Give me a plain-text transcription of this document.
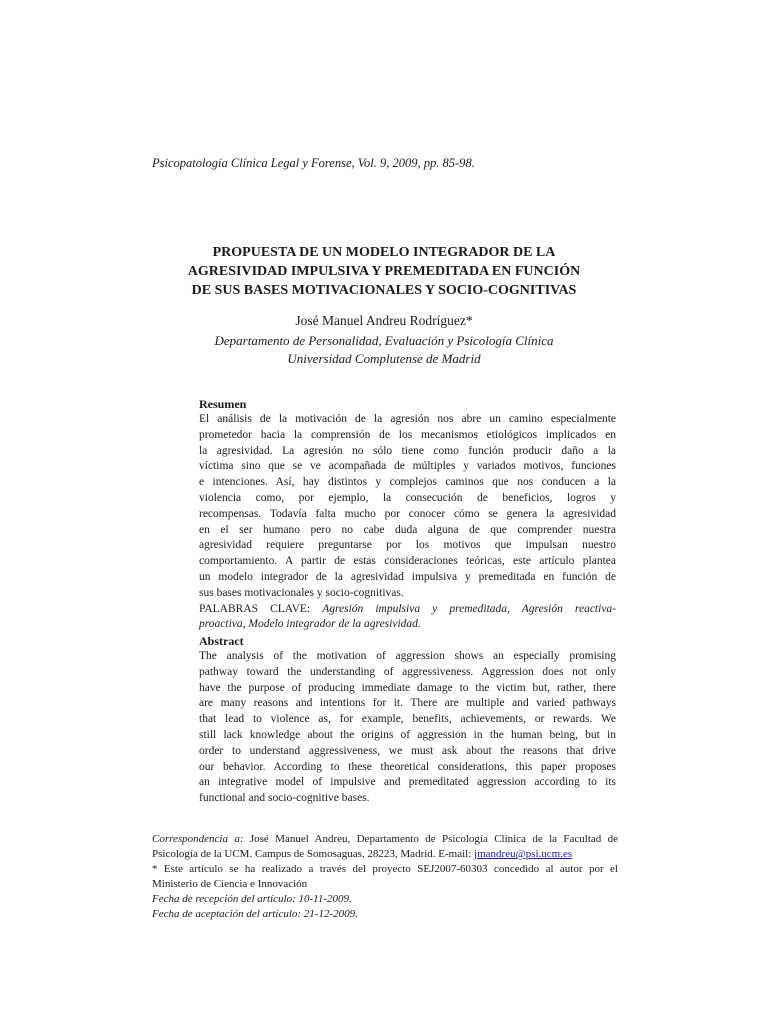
Psicopatología Clínica Legal y Forense, Vol. 9, 2009, pp. 85-98.
PROPUESTA DE UN MODELO INTEGRADOR DE LA
AGRESIVIDAD IMPULSIVA Y PREMEDITADA EN FUNCIÓN
DE SUS BASES MOTIVACIONALES Y SOCIO-COGNITIVAS
José Manuel Andreu Rodríguez*
Departamento de Personalidad, Evaluación y Psicología Clínica
Universidad Complutense de Madrid
Resumen
El análisis de la motivación de la agresión nos abre un camino especialmente
prometedor hacia la comprensión de los mecanismos etiológicos implicados en
la agresividad. La agresión no sólo tiene como función producir daño a la
víctima sino que se ve acompañada de múltiples y variados motivos, funciones
e intenciones. Así, hay distintos y complejos caminos que nos conducen a la
violencia como, por ejemplo, la consecución de beneficios, logros y
recompensas. Todavía falta mucho por conocer cómo se genera la agresividad
en el ser humano pero no cabe duda alguna de que comprender nuestra
agresividad requiere preguntarse por los motivos que impulsan nuestro
comportamiento. A partir de estas consideraciones teóricas, este artículo plantea
un modelo integrador de la agresividad impulsiva y premeditada en función de
sus bases motivacionales y socio-cognitivas.
PALABRAS CLAVE: Agresión impulsiva y premeditada, Agresión reactiva-
proactiva, Modelo integrador de la agresividad.
Abstract
The analysis of the motivation of aggression shows an especially promising
pathway toward the understanding of aggressiveness. Aggression does not only
have the purpose of producing immediate damage to the victim but, rather, there
are many reasons and intentions for it. There are multiple and varied pathways
that lead to violence as, for example, benefits, achievements, or rewards. We
still lack knowledge about the origins of aggression in the human being, but in
order to understand aggressiveness, we must ask about the reasons that drive
our behavior. According to these theoretical considerations, this paper proposes
an integrative model of impulsive and premeditated aggression according to its
functional and socio-cognitive bases.
Correspondencia a: José Manuel Andreu, Departamento de Psicología Clínica de la Facultad de
Psicología de la UCM. Campus de Somosaguas, 28223, Madrid. E-mail: jmandreu@psi.ucm.es
* Este artículo se ha realizado a través del proyecto SEJ2007-60303 concedido al autor por el
Ministerio de Ciencia e Innovación
Fecha de recepción del artículo: 10-11-2009.
Fecha de aceptación del artículo: 21-12-2009.
